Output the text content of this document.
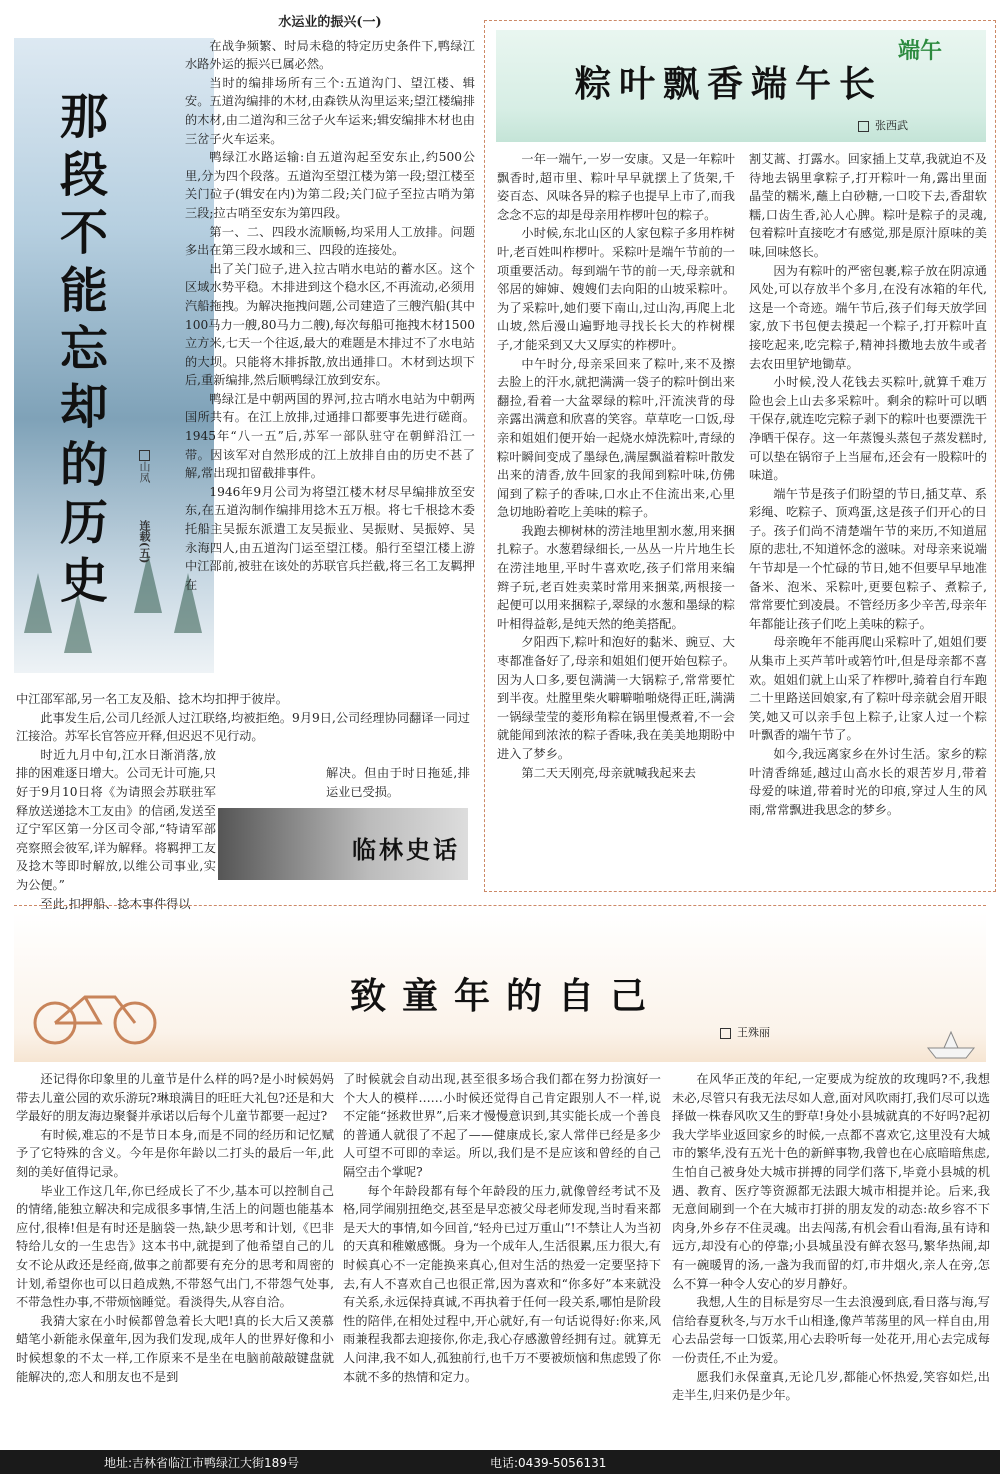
那段不能忘却的历史
山凤
连载(五)
水运业的振兴(一)

在战争频繁、时局未稳的特定历史条件下,鸭绿江水路外运的振兴已属必然。

当时的编排场所有三个:五道沟门、望江楼、辑安。五道沟编排的木材,由森铁从沟里运来;望江楼编排的木材,由二道沟和三岔子火车运来;辑安编排木材也由三岔子火车运来。

鸭绿江水路运输:自五道沟起至安东止,约500公里,分为四个段落。五道沟至望江楼为第一段;望江楼至关门砬子(辑安在内)为第二段;关门砬子至拉古哨为第三段;拉古哨至安东为第四段。

第一、二、四段水流顺畅,均采用人工放排。问题多出在第三段水域和三、四段的连接处。

出了关门砬子,进入拉古哨水电站的蓄水区。这个区域水势平稳。木排进到这个稳水区,不再流动,必须用汽船拖拽。为解决拖拽问题,公司建造了三艘汽船(其中100马力一艘,80马力二艘),每次每船可拖拽木材1500立方米,七天一个往返,最大的难题是木排过不了水电站的大坝。只能将木排拆散,放出通排口。木材到达坝下后,重新编排,然后顺鸭绿江放到安东。

鸭绿江是中朝两国的界河,拉古哨水电站为中朝两国所共有。在江上放排,过通排口都要事先进行磋商。1945年“八一五”后,苏军一部队驻守在朝鲜沿江一带。因该军对自然形成的江上放排自由的历史不甚了解,常出现扣留截排事件。

1946年9月公司为将望江楼木材尽早编排放至安东,在五道沟制作编排用捻木五万根。将七千根捻木委托船主吴振东派遣工友吴振业、吴振财、吴振婷、吴永海四人,由五道沟门运至望江楼。船行至望江楼上游中江邵前,被驻在该处的苏联官兵拦截,将三名工友羁押在

中江邵军部,另一名工友及船、捻木均扣押于彼岸。

此事发生后,公司几经派人过江联络,均被拒绝。9月9日,公司经理协同翻译一同过江接洽。苏军长官答应开释,但迟迟不见行动。

时近九月中旬,江水日渐消落,放排的困难逐日增大。公司无计可施,只好于9月10日将《为请照会苏联驻军释放送递捻木工友由》的信函,发送至辽宁军区第一分区司令部,“特请军部亮察照会彼军,详为解释。将羁押工友及捻木等即时解放,以维公司事业,实为公便。”

解决。但由于时日拖延,排运业已受损。

至此,扣押船、捻木事件得以

临林史话
粽叶飘香端午长
端午
张西武

一年一端午,一岁一安康。又是一年粽叶飘香时,超市里、粽叶早早就摆上了货架,千姿百态、风味各异的粽子也提早上市了,而我念念不忘的却是母亲用柞椤叶包的粽子。

小时候,东北山区的人家包粽子多用柞树叶,老百姓叫柞椤叶。采粽叶是端午节前的一项重要活动。每到端午节的前一天,母亲就和邻居的婶婶、嫂嫂们去向阳的山坡采粽叶。为了采粽叶,她们要下南山,过山沟,再爬上北山坡,然后漫山遍野地寻找长长大的柞树棵子,才能采到又大又厚实的柞椤叶。

中午时分,母亲采回来了粽叶,来不及擦去脸上的汗水,就把满满一袋子的粽叶倒出来翻捡,看着一大盆翠绿的粽叶,汗流浃背的母亲露出满意和欣喜的笑容。草草吃一口饭,母亲和姐姐们便开始一起烧水焯洗粽叶,青绿的粽叶瞬间变成了墨绿色,满屋飘溢着粽叶散发出来的清香,放牛回家的我闻到粽叶味,仿佛闻到了粽子的香味,口水止不住流出来,心里急切地盼着吃上美味的粽子。

我跑去柳树林的涝洼地里割水葱,用来捆扎粽子。水葱碧绿细长,一丛丛一片片地生长在涝洼地里,平时牛喜欢吃,孩子们常用来编辫子玩,老百姓卖菜时常用来捆菜,两根接一起便可以用来捆粽子,翠绿的水葱和墨绿的粽叶相得益彰,是纯天然的绝美搭配。

夕阳西下,粽叶和泡好的黏米、豌豆、大枣都准备好了,母亲和姐姐们便开始包粽子。因为人口多,要包满满一大锅粽子,常常要忙到半夜。灶膛里柴火噼噼啪啪烧得正旺,满满一锅绿莹莹的菱形角粽在锅里慢煮着,不一会就能闻到浓浓的粽子香味,我在美美地期盼中进入了梦乡。

第二天天刚亮,母亲就喊我起来去

割艾蒿、打露水。回家插上艾草,我就迫不及待地去锅里拿粽子,打开粽叶一角,露出里面晶莹的糯米,蘸上白砂糖,一口咬下去,香甜软糯,口齿生香,沁人心脾。粽叶是粽子的灵魂,包着粽叶直接吃才有感觉,那是原汁原味的美味,回味悠长。

因为有粽叶的严密包裹,粽子放在阴凉通风处,可以存放半个多月,在没有冰箱的年代,这是一个奇迹。端午节后,孩子们每天放学回家,放下书包便去摸起一个粽子,打开粽叶直接吃起来,吃完粽子,精神抖擞地去放牛或者去农田里铲地锄草。

小时候,没人花钱去买粽叶,就算千难万险也会上山去多采粽叶。剩余的粽叶可以晒干保存,就连吃完粽子剥下的粽叶也要漂洗干净晒干保存。这一年蒸馒头蒸包子蒸发糕时,可以垫在锅帘子上当屉布,还会有一股粽叶的味道。

端午节是孩子们盼望的节日,插艾草、系彩绳、吃粽子、顶鸡蛋,这是孩子们开心的日子。孩子们尚不清楚端午节的来历,不知道屈原的悲壮,不知道怀念的滋味。对母亲来说端午节却是一个忙碌的节日,她不但要早早地准备米、泡米、采粽叶,更要包粽子、煮粽子,常常要忙到凌晨。不管经历多少辛苦,母亲年年都能让孩子们吃上美味的粽子。

母亲晚年不能再爬山采粽叶了,姐姐们要从集市上买芦苇叶或箬竹叶,但是母亲都不喜欢。姐姐们就上山采了柞椤叶,骑着自行车跑二十里路送回娘家,有了粽叶母亲就会眉开眼笑,她又可以亲手包上粽子,让家人过一个粽叶飘香的端午节了。

如今,我远离家乡在外讨生活。家乡的粽叶清香绵延,越过山高水长的艰苦岁月,带着母爱的味道,带着时光的印痕,穿过人生的风雨,常常飘进我思念的梦乡。

致童年的自己
王殊丽

还记得你印象里的儿童节是什么样的吗?是小时候妈妈带去儿童公园的欢乐游玩?琳琅满目的旺旺大礼包?还是和大学最好的朋友海边聚餐并承诺以后每个儿童节都要一起过?

有时候,难忘的不是节日本身,而是不同的经历和记忆赋予了它特殊的含义。今年是你年龄以二打头的最后一年,此刻的美好值得记录。

毕业工作这几年,你已经成长了不少,基本可以控制自己的情绪,能独立解决和完成很多事情,生活上的问题也能基本应付,很棒!但是有时还是脑袋一热,缺少思考和计划,《巴非特给儿女的一生忠告》这本书中,就提到了他希望自己的儿女不论从政还是经商,做事之前都要有充分的思考和周密的计划,希望你也可以日趋成熟,不带怒气出门,不带怨气处事,不带急性办事,不带烦恼睡觉。看淡得失,从容自洽。

我猜大家在小时候都曾急着长大吧!真的长大后又羡慕蜡笔小新能永保童年,因为我们发现,成年人的世界好像和小时候想象的不太一样,工作原来不是坐在电脑前敲敲键盘就能解决的,恋人和朋友也不是到

了时候就会自动出现,甚至很多场合我们都在努力扮演好一个大人的模样……小时候还觉得自己肯定跟别人不一样,说不定能“拯救世界”,后来才慢慢意识到,其实能长成一个善良的普通人就很了不起了——健康成长,家人常伴已经是多少人可望不可即的幸运。所以,我们是不是应该和曾经的自己隔空击个掌呢?

每个年龄段都有每个年龄段的压力,就像曾经考试不及格,同学闹别扭绝交,甚至是早恋被父母老师发现,当时看来都是天大的事情,如今回首,“轻舟已过万重山”!不禁让人为当初的天真和稚嫩感慨。身为一个成年人,生活很累,压力很大,有时候真心不一定能换来真心,但对生活的热爱一定要坚持下去,有人不喜欢自己也很正常,因为喜欢和“你多好”本来就没有关系,永远保持真诚,不再执着于任何一段关系,哪怕是阶段性的陪伴,在相处过程中,开心就好,有一句话说得好:你来,风雨兼程我都去迎接你,你走,我心存感激曾经拥有过。就算无人问津,我不如人,孤独前行,也千万不要被烦恼和焦虑毁了你本就不多的热情和定力。

在风华正茂的年纪,一定要成为绽放的玫瑰吗?不,我想未必,尽管只有我无法尽如人意,面对风吹雨打,我们尽可以选择做一株春风吹又生的野草!身处小县城就真的不好吗?起初我大学毕业返回家乡的时候,一点都不喜欢它,这里没有大城市的繁华,没有五光十色的新鲜事物,我曾也在心底暗暗焦虑,生怕自己被身处大城市拼搏的同学们落下,毕竟小县城的机遇、教育、医疗等资源都无法跟大城市相提并论。后来,我无意间刷到一个在大城市打拼的朋友发的动态:故乡容不下肉身,外乡存不住灵魂。出去闯荡,有机会看山看海,虽有诗和远方,却没有心的停靠;小县城虽没有鲜衣怒马,繁华热闹,却有一碗暖胃的汤,一盏为我而留的灯,市井烟火,亲人在旁,怎么不算一种令人安心的岁月静好。

我想,人生的目标是穷尽一生去浪漫到底,看日落与海,写信给春夏秋冬,与万水千山相逢,像芦苇荡里的风一样自由,用心去品尝每一口饭菜,用心去聆听每一处花开,用心去完成每一份责任,不止为爱。

愿我们永保童真,无论几岁,都能心怀热爱,笑容如烂,出走半生,归来仍是少年。

地址:吉林省临江市鸭绿江大街189号	电话:0439-5056131
